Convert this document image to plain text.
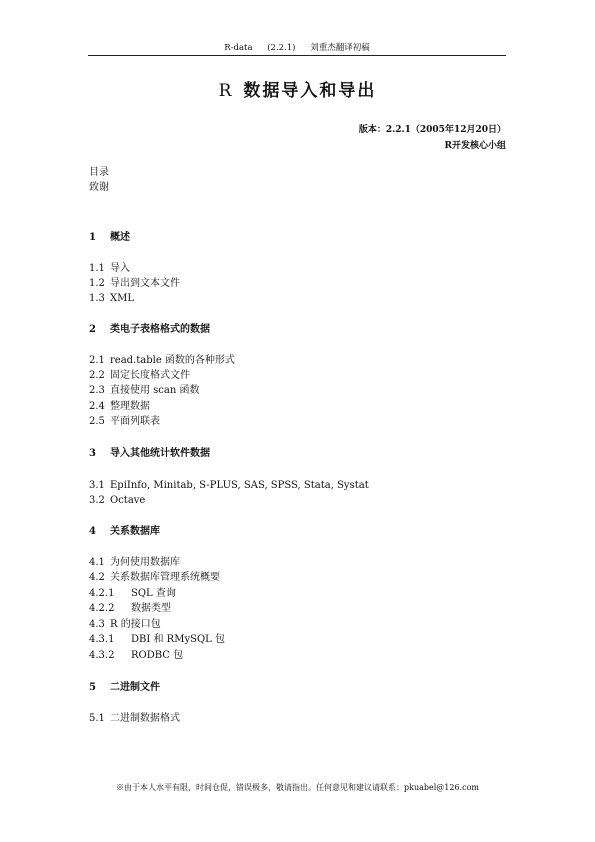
R-data (2.2.1) 刘重杰翻译初稿
R 数据导入和导出
版本：2.2.1（2005年12月20日）
R开发核心小组
目录
致谢
1 概述
1.1 导入
1.2 导出到文本文件
1.3 XML
2 类电子表格格式的数据
2.1 read.table 函数的各种形式
2.2 固定长度格式文件
2.3 直接使用 scan 函数
2.4 整理数据
2.5 平面列联表
3 导入其他统计软件数据
3.1 EpiInfo, Minitab, S-PLUS, SAS, SPSS, Stata, Systat
3.2 Octave
4 关系数据库
4.1 为何使用数据库
4.2 关系数据库管理系统概要
4.2.1 SQL 查询
4.2.2 数据类型
4.3 R 的接口包
4.3.1 DBI 和 RMySQL 包
4.3.2 RODBC 包
5 二进制文件
5.1 二进制数据格式
※由于本人水平有限，时间仓促，错误极多，敬请指出。任何意见和建议请联系：pkuabel@126.com
